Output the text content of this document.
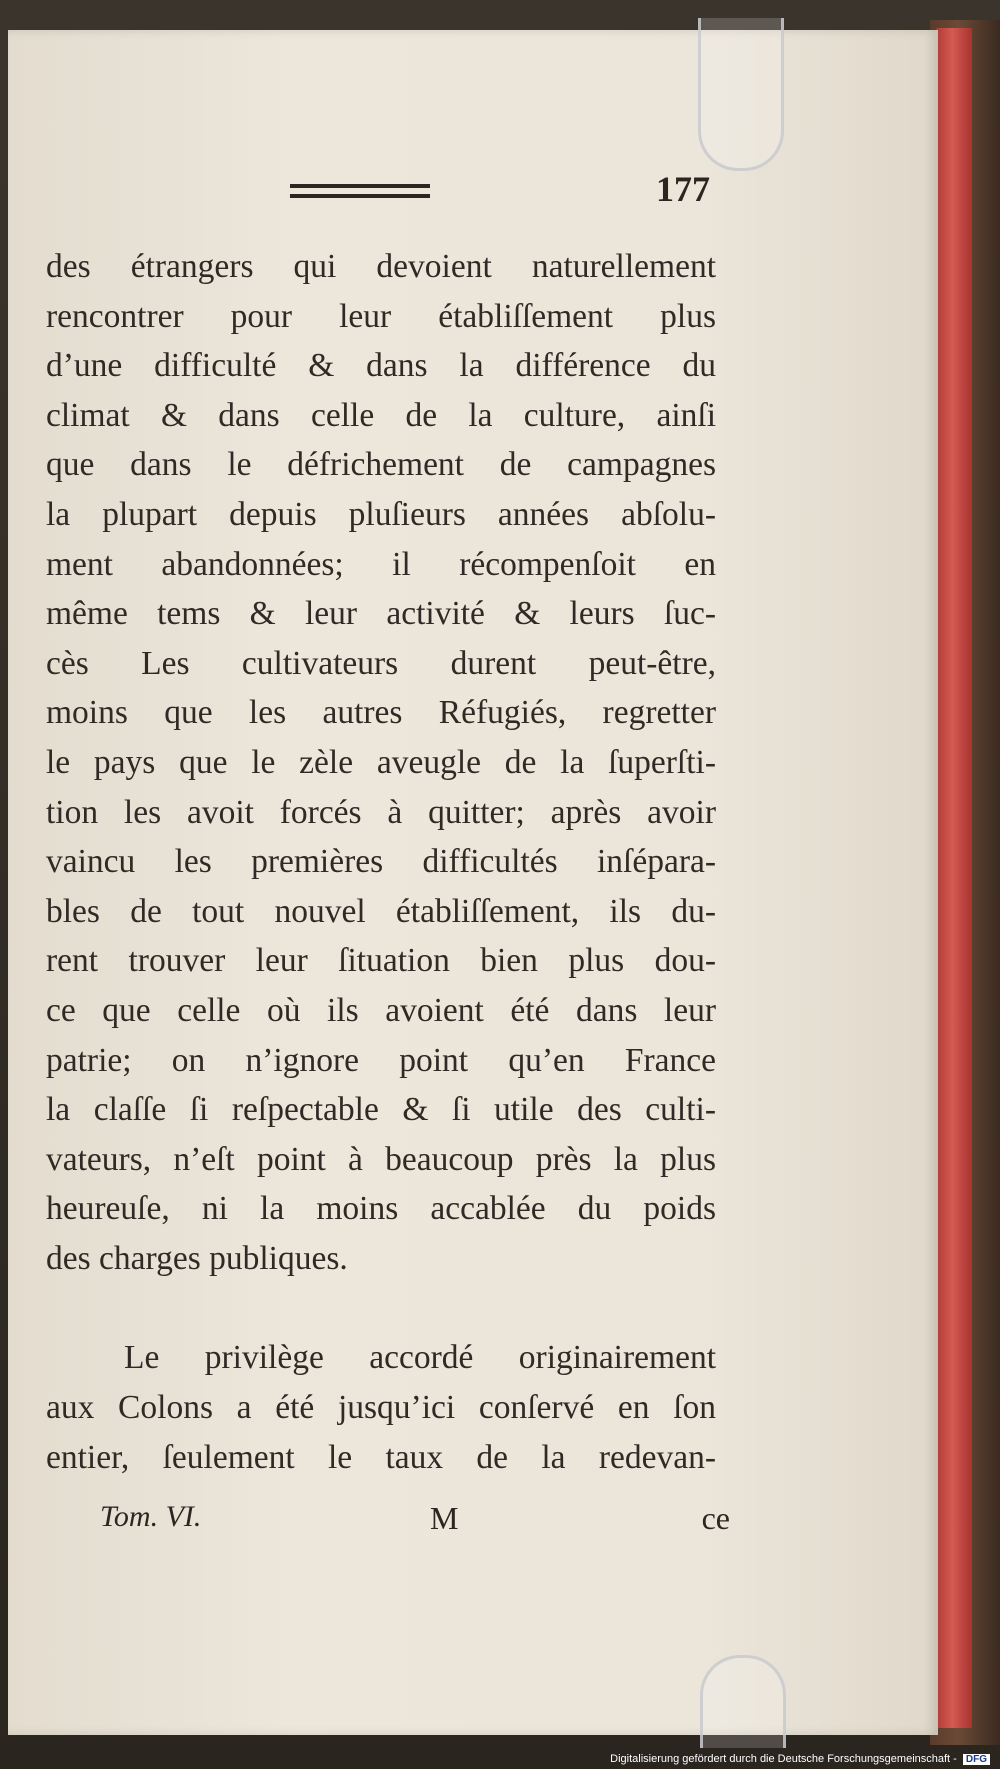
177
des étrangers qui devoient naturellement
rencontrer pour leur établiſſement plus
d’une difficulté & dans la différence du
climat & dans celle de la culture, ainſi
que dans le défrichement de campagnes
la plupart depuis pluſieurs années abſolu-
ment abandonnées; il récompenſoit en
même tems & leur activité & leurs ſuc-
cès Les cultivateurs durent peut-être,
moins que les autres Réfugiés, regretter
le pays que le zèle aveugle de la ſuperſti-
tion les avoit forcés à quitter; après avoir
vaincu les premières difficultés inſépara-
bles de tout nouvel établiſſement, ils du-
rent trouver leur ſituation bien plus dou-
ce que celle où ils avoient été dans leur
patrie; on n’ignore point qu’en France
la claſſe ſi reſpectable & ſi utile des culti-
vateurs, n’eſt point à beaucoup près la plus
heureuſe, ni la moins accablée du poids
des charges publiques.
Le privilège accordé originairement
aux Colons a été jusqu’ici conſervé en ſon
entier, ſeulement le taux de la redevan-
Tom. VI.	M	ce
Digitalisierung gefördert durch die Deutsche Forschungsgemeinschaft - DFG
